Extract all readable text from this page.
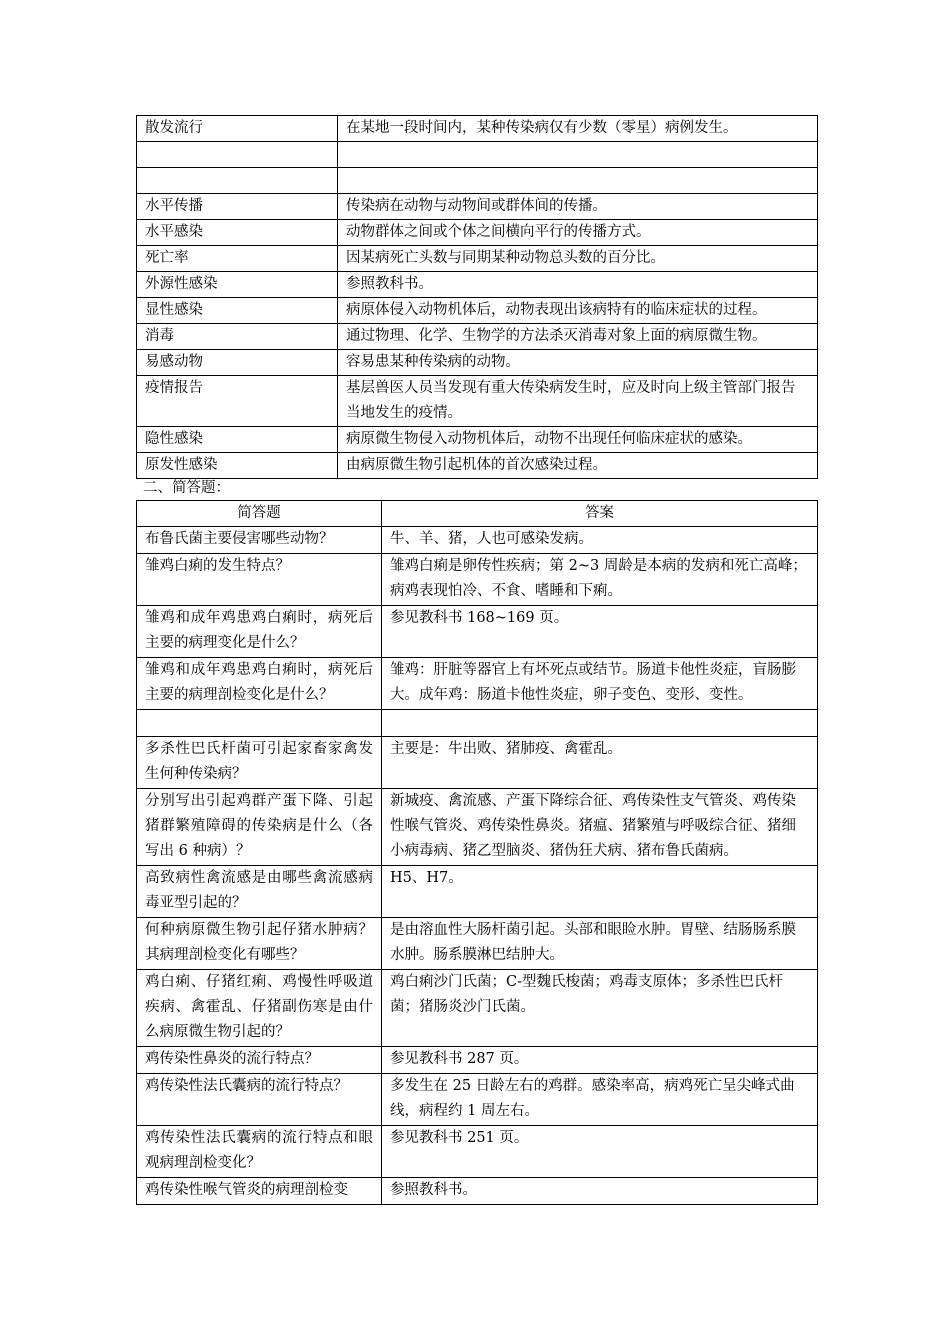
散发流行	在某地一段时间内，某种传染病仅有少数（零星）病例发生。

水平传播	传染病在动物与动物间或群体间的传播。
水平感染	动物群体之间或个体之间横向平行的传播方式。
死亡率	因某病死亡头数与同期某种动物总头数的百分比。
外源性感染	参照教科书。
显性感染	病原体侵入动物机体后，动物表现出该病特有的临床症状的过程。
消毒	通过物理、化学、生物学的方法杀灭消毒对象上面的病原微生物。
易感动物	容易患某种传染病的动物。
疫情报告	基层兽医人员当发现有重大传染病发生时，应及时向上级主管部门报告当地发生的疫情。
隐性感染	病原微生物侵入动物机体后，动物不出现任何临床症状的感染。
原发性感染	由病原微生物引起机体的首次感染过程。
二、简答题：
简答题	答案
布鲁氏菌主要侵害哪些动物？	牛、羊、猪，人也可感染发病。
雏鸡白痢的发生特点？	雏鸡白痢是卵传性疾病；第 2~3 周龄是本病的发病和死亡高峰；病鸡表现怕冷、不食、嗜睡和下痢。
雏鸡和成年鸡患鸡白痢时，病死后主要的病理变化是什么？	参见教科书 168~169 页。
雏鸡和成年鸡患鸡白痢时，病死后主要的病理剖检变化是什么？	雏鸡：肝脏等器官上有坏死点或结节。肠道卡他性炎症，盲肠膨大。成年鸡：肠道卡他性炎症，卵子变色、变形、变性。

多杀性巴氏杆菌可引起家畜家禽发生何种传染病？	主要是：牛出败、猪肺疫、禽霍乱。
分别写出引起鸡群产蛋下降、引起猪群繁殖障碍的传染病是什么（各写出 6 种病）？	新城疫、禽流感、产蛋下降综合征、鸡传染性支气管炎、鸡传染性喉气管炎、鸡传染性鼻炎。猪瘟、猪繁殖与呼吸综合征、猪细小病毒病、猪乙型脑炎、猪伪狂犬病、猪布鲁氏菌病。
高致病性禽流感是由哪些禽流感病毒亚型引起的？	H5、H7。
何种病原微生物引起仔猪水肿病？其病理剖检变化有哪些？	是由溶血性大肠杆菌引起。头部和眼睑水肿。胃壁、结肠肠系膜水肿。肠系膜淋巴结肿大。
鸡白痢、仔猪红痢、鸡慢性呼吸道疾病、禽霍乱、仔猪副伤寒是由什么病原微生物引起的？	鸡白痢沙门氏菌；C-型魏氏梭菌；鸡毒支原体；多杀性巴氏杆菌；猪肠炎沙门氏菌。
鸡传染性鼻炎的流行特点？	参见教科书 287 页。
鸡传染性法氏囊病的流行特点？	多发生在 25 日龄左右的鸡群。感染率高，病鸡死亡呈尖峰式曲线，病程约 1 周左右。
鸡传染性法氏囊病的流行特点和眼观病理剖检变化？	参见教科书 251 页。
鸡传染性喉气管炎的病理剖检变	参照教科书。
